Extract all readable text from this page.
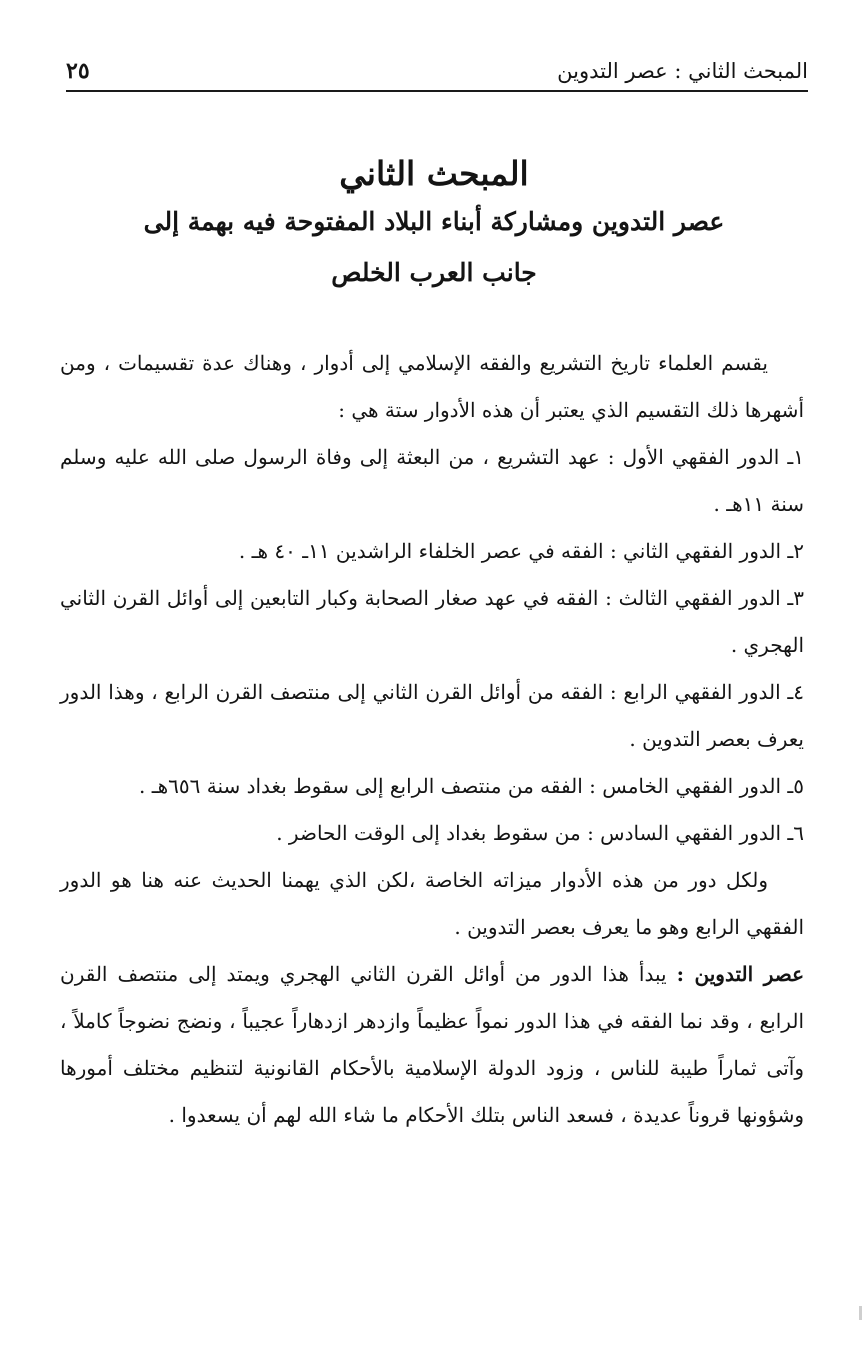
المبحث الثاني : عصر التدوين
٢٥
المبحث الثاني
عصر التدوين ومشاركة أبناء البلاد المفتوحة فيه بهمة إلى
جانب العرب الخلص

يقسم العلماء تاريخ التشريع والفقه الإسلامي إلى أدوار ، وهناك عدة تقسيمات ، ومن أشهرها ذلك التقسيم الذي يعتبر أن هذه الأدوار ستة هي :

١ـ الدور الفقهي الأول : عهد التشريع ، من البعثة إلى وفاة الرسول صلى الله عليه وسلم سنة ١١هـ .

٢ـ الدور الفقهي الثاني : الفقه في عصر الخلفاء الراشدين ١١ـ ٤٠ هـ .

٣ـ الدور الفقهي الثالث : الفقه في عهد صغار الصحابة وكبار التابعين إلى أوائل القرن الثاني الهجري .

٤ـ الدور الفقهي الرابع : الفقه من أوائل القرن الثاني إلى منتصف القرن الرابع ، وهذا الدور يعرف بعصر التدوين .

٥ـ الدور الفقهي الخامس : الفقه من منتصف الرابع إلى سقوط بغداد سنة ٦٥٦هـ .

٦ـ الدور الفقهي السادس : من سقوط بغداد إلى الوقت الحاضر .

ولكل دور من هذه الأدوار ميزاته الخاصة ،لكن الذي يهمنا الحديث عنه هنا هو الدور الفقهي الرابع وهو ما يعرف بعصر التدوين .

عصر التدوين : يبدأ هذا الدور من أوائل القرن الثاني الهجري ويمتد إلى منتصف القرن الرابع ، وقد نما الفقه في هذا الدور نمواً عظيماً وازدهر ازدهاراً عجيباً ، ونضج نضوجاً كاملاً ، وآتى ثماراً طيبة للناس ، وزود الدولة الإسلامية بالأحكام القانونية لتنظيم مختلف أمورها وشؤونها قروناً عديدة ، فسعد الناس بتلك الأحكام ما شاء الله لهم أن يسعدوا .
